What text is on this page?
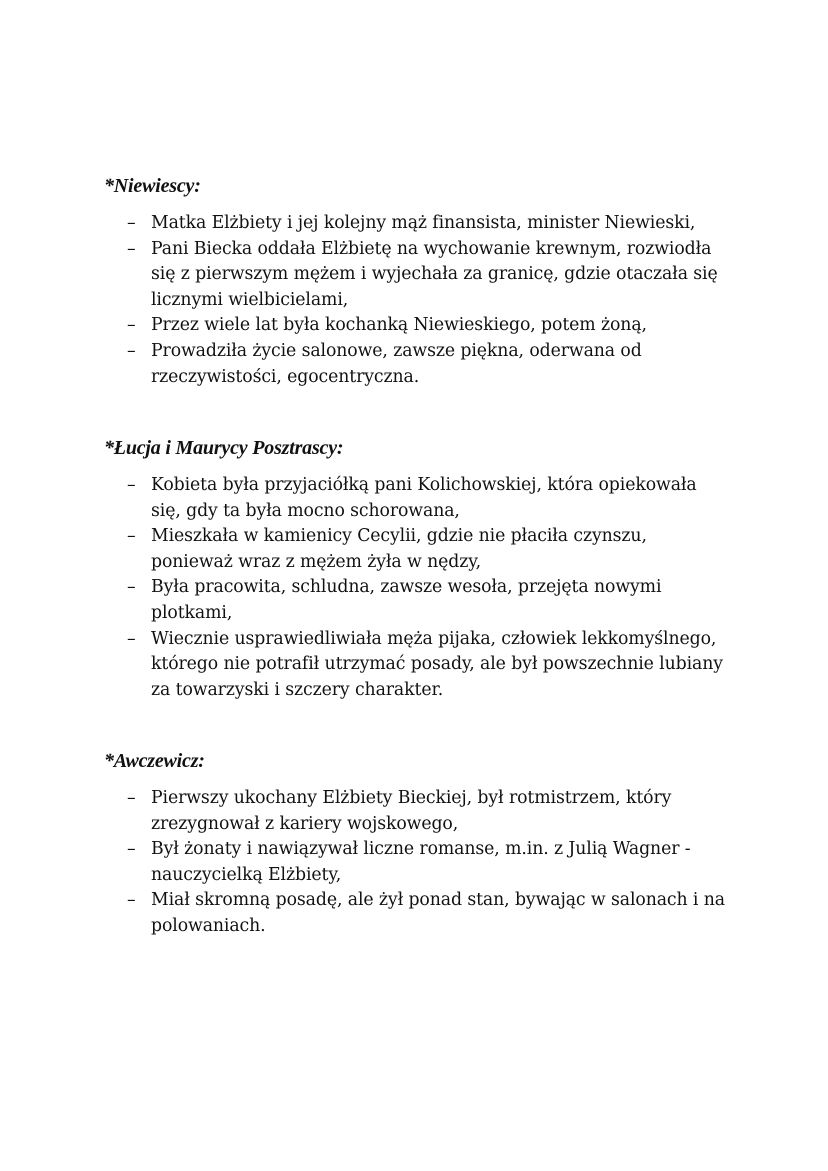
*Niewiescy:
– Matka Elżbiety i jej kolejny mąż finansista, minister Niewieski,
– Pani Biecka oddała Elżbietę na wychowanie krewnym, rozwiodła się z pierwszym mężem i wyjechała za granicę, gdzie otaczała się licznymi wielbicielami,
– Przez wiele lat była kochanką Niewieskiego, potem żoną,
– Prowadziła życie salonowe, zawsze piękna, oderwana od rzeczywistości, egocentryczna.
*Łucja i Maurycy Posztrascy:
– Kobieta była przyjaciółką pani Kolichowskiej, która opiekowała się, gdy ta była mocno schorowana,
– Mieszkała w kamienicy Cecylii, gdzie nie płaciła czynszu, ponieważ wraz z mężem żyła w nędzy,
– Była pracowita, schludna, zawsze wesoła, przejęta nowymi plotkami,
– Wiecznie usprawiedliwiała męża pijaka, człowiek lekkomyślnego, którego nie potrafił utrzymać posady, ale był powszechnie lubiany za towarzyski i szczery charakter.
*Awczewicz:
– Pierwszy ukochany Elżbiety Bieckiej, był rotmistrzem, który zrezygnował z kariery wojskowego,
– Był żonaty i nawiązywał liczne romanse, m.in. z Julią Wagner - nauczycielką Elżbiety,
– Miał skromną posadę, ale żył ponad stan, bywając w salonach i na polowaniach.
